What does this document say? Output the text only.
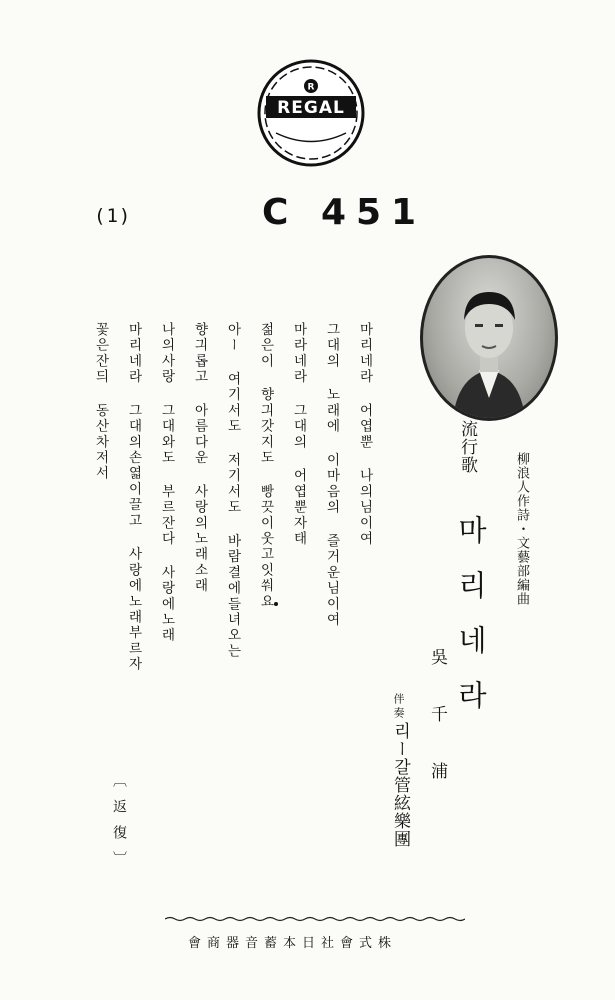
R
REGAL
(1)	C 451
柳浪人作詩・文藝部編曲
流行歌
마리네라
吳千浦
伴奏
리ー갈管絃樂團
마리네라 어엽뿐 나의님이여
그대의 노래에 이마음의 즐거운님이여
마라네라 그대의 어엽뿐자태
젊은이 향긔갓지도 빵끗이웃고잇쒀요
아ー 여기서도 저기서도 바람결에들녀오는
향긔롭고 아름다운 사랑의노래소래
나의사랑 그대와도 부르잔다 사랑에노래
마리네라 그대의손엷이끌고 사랑에노래부르자
꽃은잔듸 동산차저서
〔返復〕
株式會社日本蓄音器商會
